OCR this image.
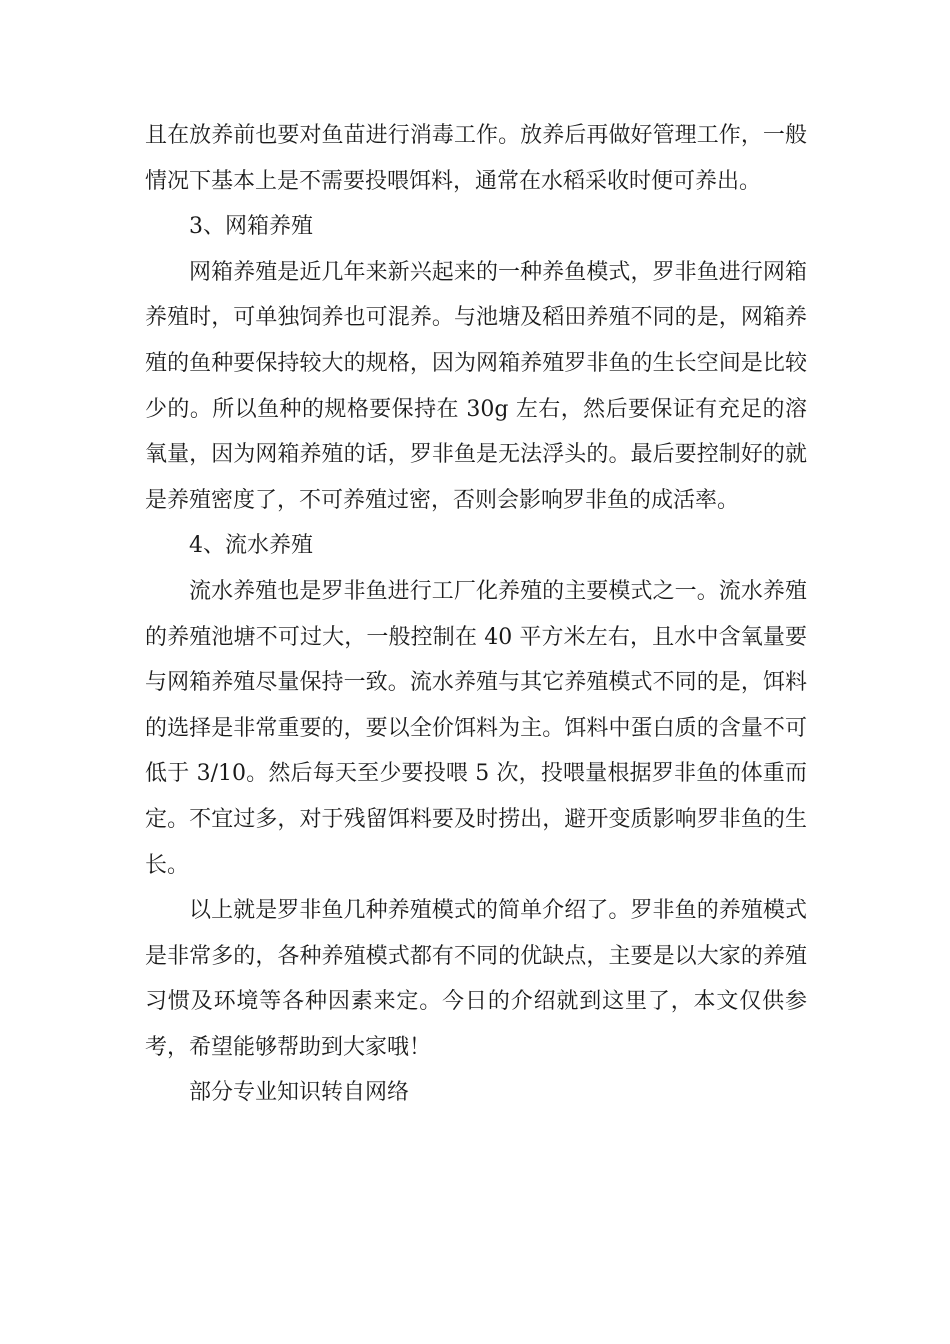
且在放养前也要对鱼苗进行消毒工作。放养后再做好管理工作，一般情况下基本上是不需要投喂饵料，通常在水稻采收时便可养出。

3、网箱养殖

网箱养殖是近几年来新兴起来的一种养鱼模式，罗非鱼进行网箱养殖时，可单独饲养也可混养。与池塘及稻田养殖不同的是，网箱养殖的鱼种要保持较大的规格，因为网箱养殖罗非鱼的生长空间是比较少的。所以鱼种的规格要保持在 30g 左右，然后要保证有充足的溶氧量，因为网箱养殖的话，罗非鱼是无法浮头的。最后要控制好的就是养殖密度了，不可养殖过密，否则会影响罗非鱼的成活率。

4、流水养殖

流水养殖也是罗非鱼进行工厂化养殖的主要模式之一。流水养殖的养殖池塘不可过大，一般控制在 40 平方米左右，且水中含氧量要与网箱养殖尽量保持一致。流水养殖与其它养殖模式不同的是，饵料的选择是非常重要的，要以全价饵料为主。饵料中蛋白质的含量不可低于 3/10。然后每天至少要投喂 5 次，投喂量根据罗非鱼的体重而定。不宜过多，对于残留饵料要及时捞出，避开变质影响罗非鱼的生长。

以上就是罗非鱼几种养殖模式的简单介绍了。罗非鱼的养殖模式是非常多的，各种养殖模式都有不同的优缺点，主要是以大家的养殖习惯及环境等各种因素来定。今日的介绍就到这里了，本文仅供参考，希望能够帮助到大家哦！

部分专业知识转自网络
